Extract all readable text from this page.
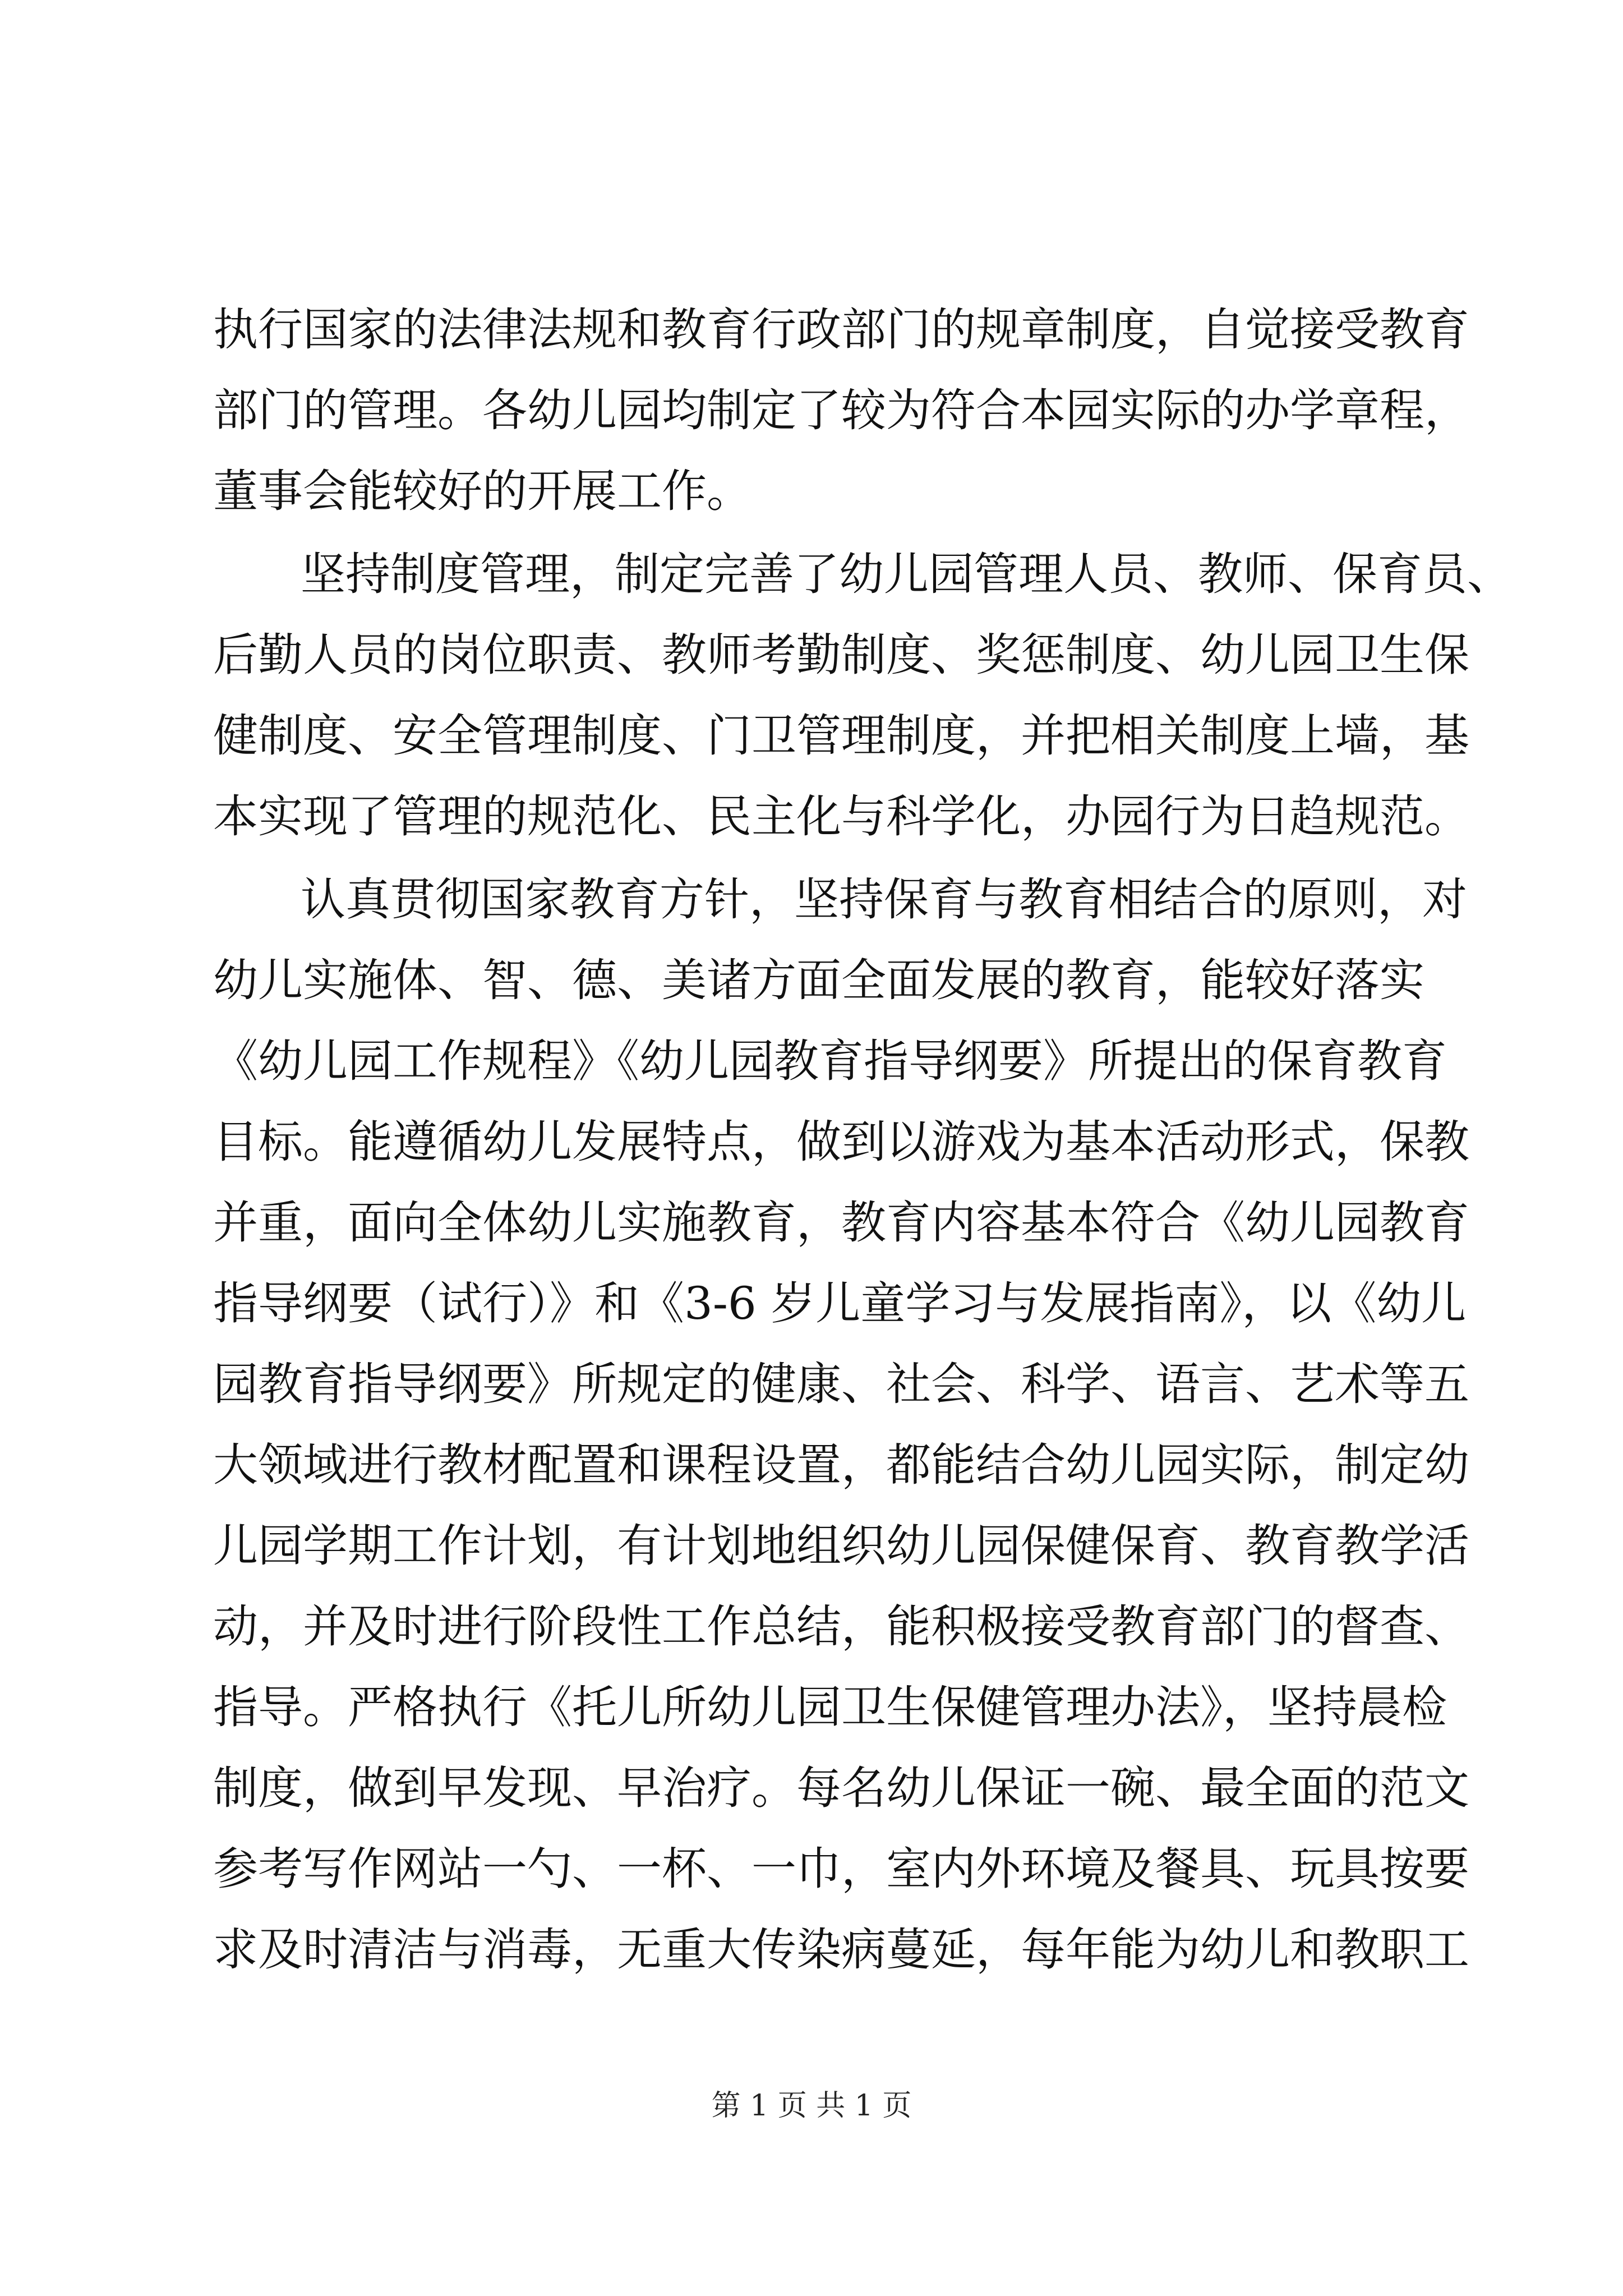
执行国家的法律法规和教育行政部门的规章制度，自觉接受教育
部门的管理。各幼儿园均制定了较为符合本园实际的办学章程，
董事会能较好的开展工作。
坚持制度管理，制定完善了幼儿园管理人员、教师、保育员、
后勤人员的岗位职责、教师考勤制度、奖惩制度、幼儿园卫生保
健制度、安全管理制度、门卫管理制度，并把相关制度上墙，基
本实现了管理的规范化、民主化与科学化，办园行为日趋规范。
认真贯彻国家教育方针，坚持保育与教育相结合的原则，对
幼儿实施体、智、德、美诸方面全面发展的教育，能较好落实
《幼儿园工作规程》《幼儿园教育指导纲要》所提出的保育教育
目标。能遵循幼儿发展特点，做到以游戏为基本活动形式，保教
并重，面向全体幼儿实施教育，教育内容基本符合《幼儿园教育
指导纲要（试行）》和《3-6 岁儿童学习与发展指南》，以《幼儿
园教育指导纲要》所规定的健康、社会、科学、语言、艺术等五
大领域进行教材配置和课程设置，都能结合幼儿园实际，制定幼
儿园学期工作计划，有计划地组织幼儿园保健保育、教育教学活
动，并及时进行阶段性工作总结，能积极接受教育部门的督查、
指导。严格执行《托儿所幼儿园卫生保健管理办法》，坚持晨检
制度，做到早发现、早治疗。每名幼儿保证一碗、最全面的范文
参考写作网站一勺、一杯、一巾，室内外环境及餐具、玩具按要
求及时清洁与消毒，无重大传染病蔓延，每年能为幼儿和教职工
第 1 页 共 1 页
